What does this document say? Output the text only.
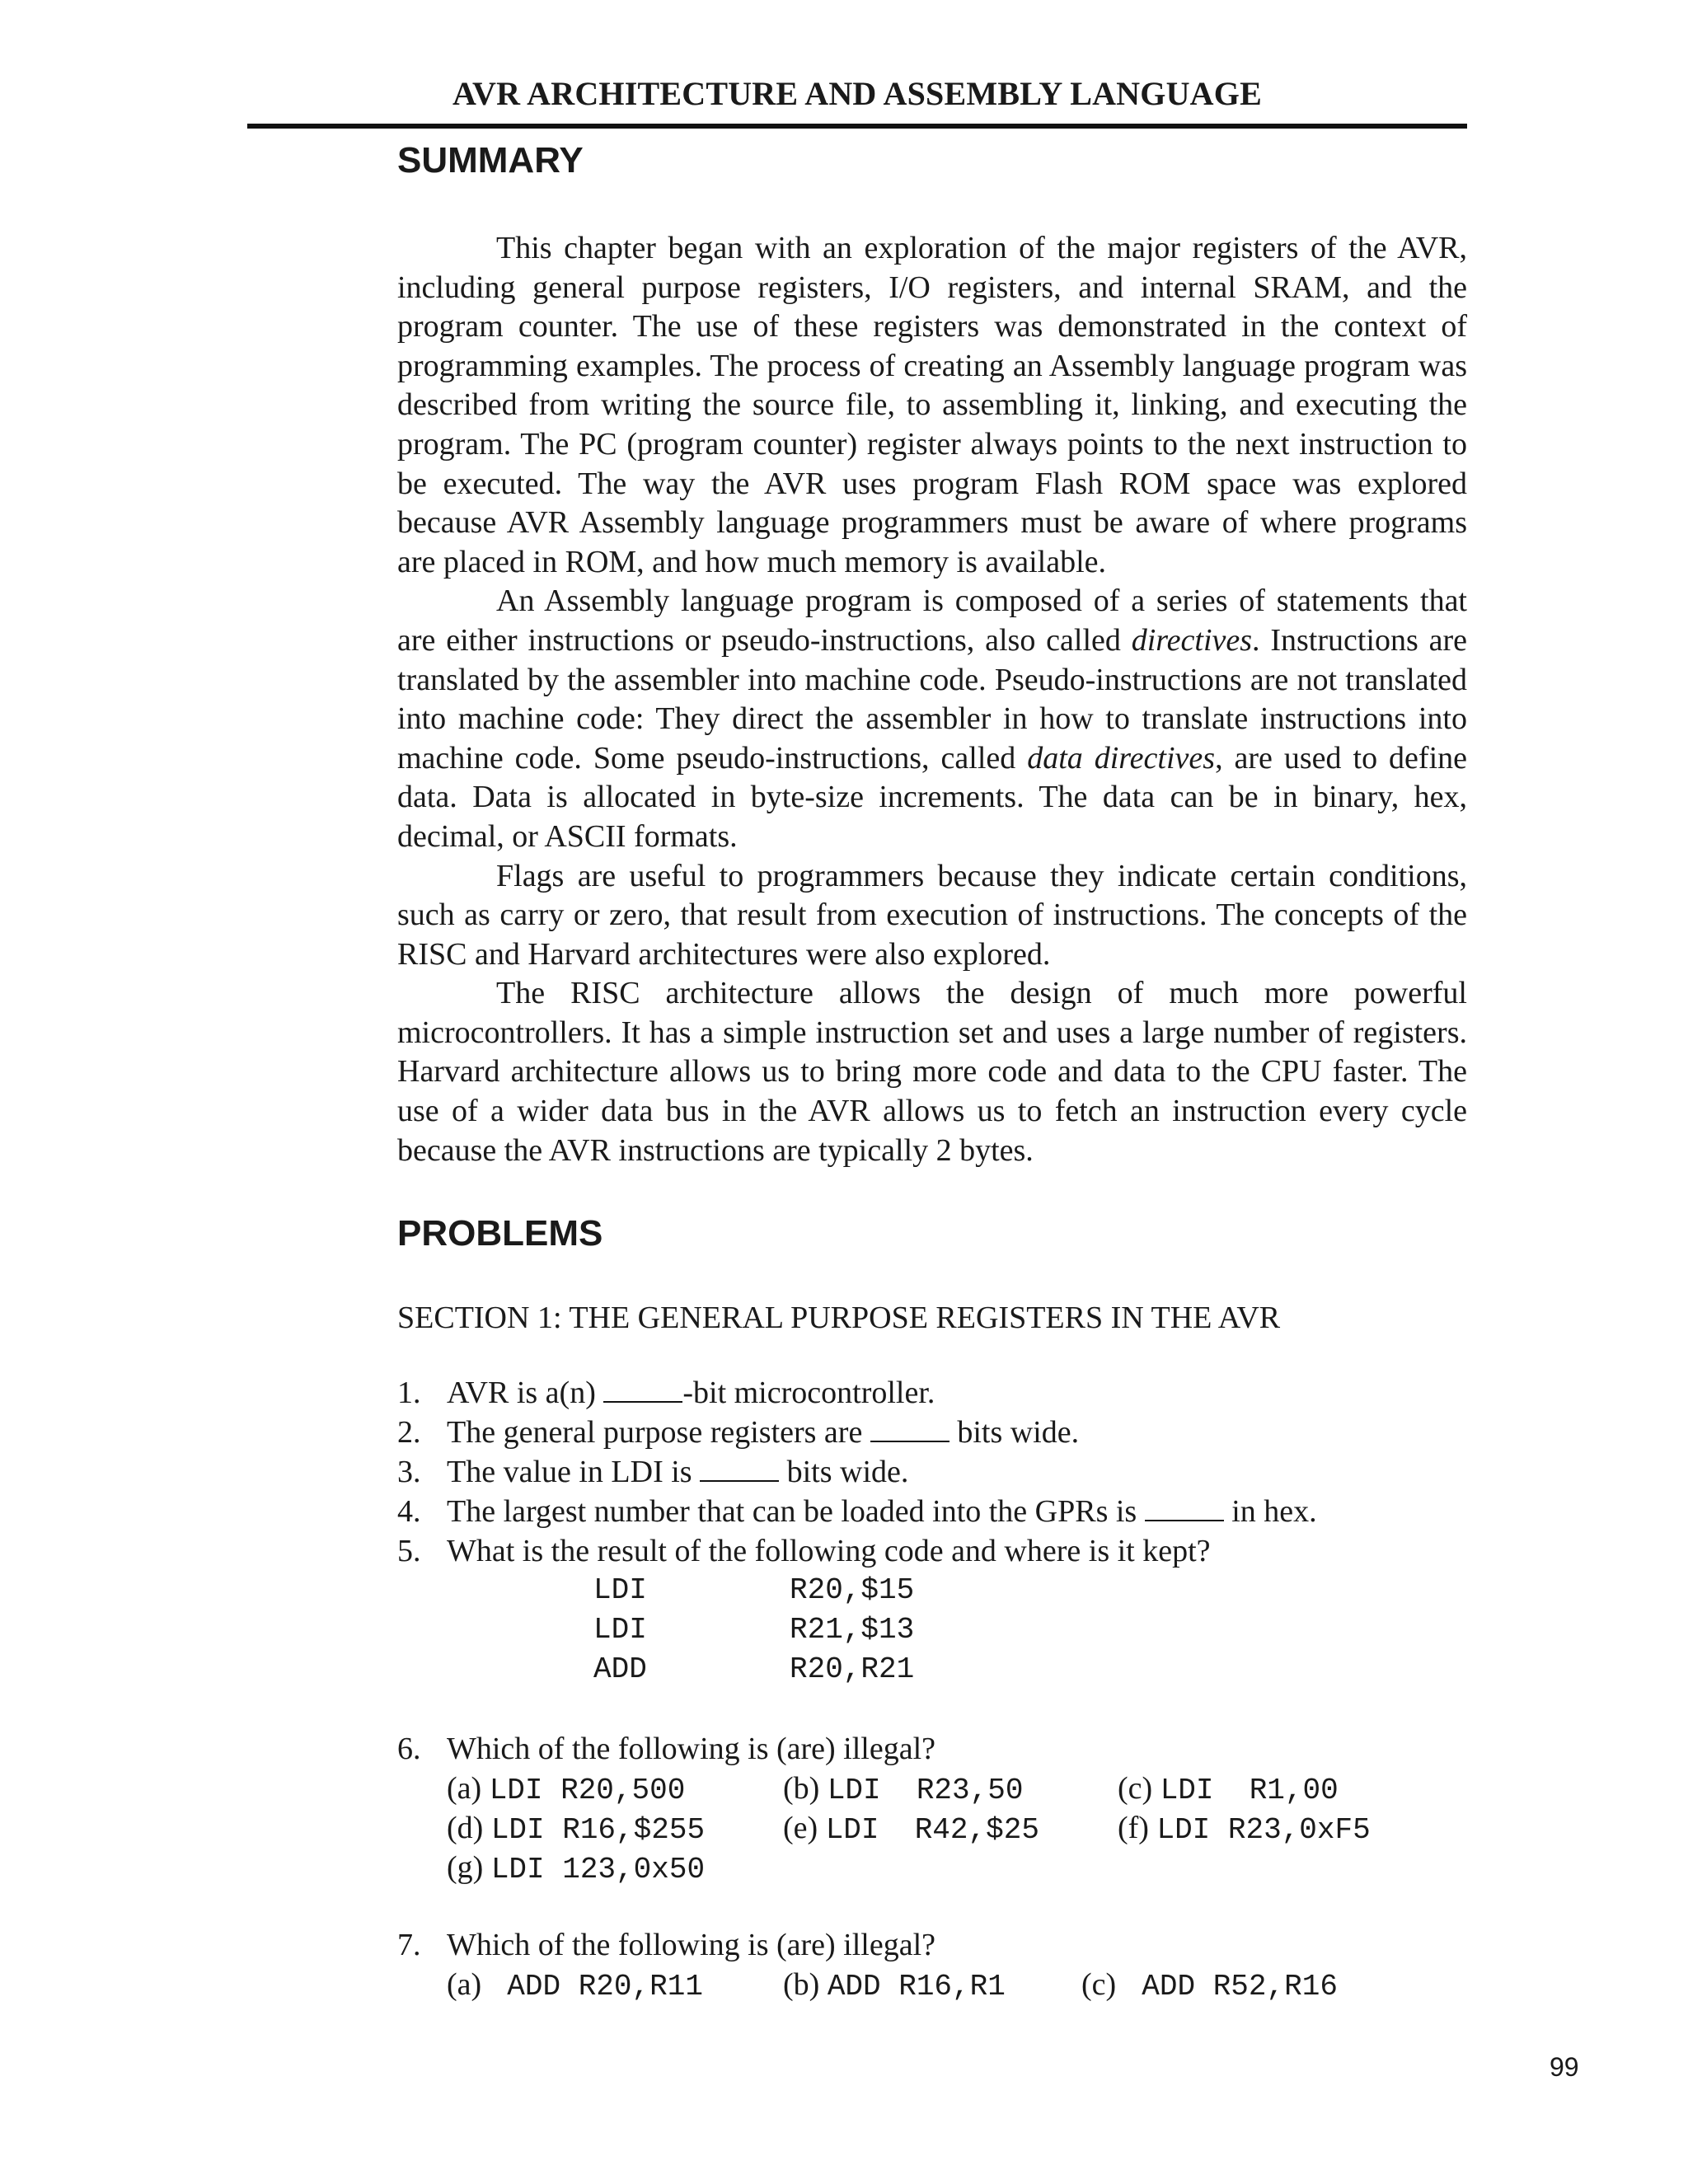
AVR ARCHITECTURE AND ASSEMBLY LANGUAGE
SUMMARY

This chapter began with an exploration of the major registers of the AVR, including general purpose registers, I/O registers, and internal SRAM, and the program counter. The use of these registers was demonstrated in the context of programming examples. The process of creating an Assembly language program was described from writing the source file, to assembling it, linking, and executing the program. The PC (program counter) register always points to the next instruction to be executed. The way the AVR uses program Flash ROM space was explored because AVR Assembly language programmers must be aware of where programs are placed in ROM, and how much memory is available.

An Assembly language program is composed of a series of statements that are either instructions or pseudo-instructions, also called directives. Instructions are translated by the assembler into machine code. Pseudo-instructions are not translated into machine code: They direct the assembler in how to translate instructions into machine code. Some pseudo-instructions, called data directives, are used to define data. Data is allocated in byte-size increments. The data can be in binary, hex, decimal, or ASCII formats.

Flags are useful to programmers because they indicate certain conditions, such as carry or zero, that result from execution of instructions. The concepts of the RISC and Harvard architectures were also explored.

The RISC architecture allows the design of much more powerful microcontrollers. It has a simple instruction set and uses a large number of registers. Harvard architecture allows us to bring more code and data to the CPU faster. The use of a wider data bus in the AVR allows us to fetch an instruction every cycle because the AVR instructions are typically 2 bytes.

PROBLEMS
SECTION 1: THE GENERAL PURPOSE REGISTERS IN THE AVR
1. AVR is a(n)	-bit microcontroller.
2. The general purpose registers are	bits wide.
3. The value in LDI is	bits wide.
4. The largest number that can be loaded into the GPRs is	in hex.
5. What is the result of the following code and where is it kept?
LDI	R20,$15
LDI	R21,$13
ADD	R20,R21
6. Which of the following is (are) illegal?
(a) LDI R20,500	(b) LDI  R23,50	(c) LDI  R1,00
(d) LDI R16,$255 (e) LDI  R42,$25	(f) LDI R23,0xF5
(g) LDI 123,0x50
7. Which of the following is (are) illegal?
(a)  ADD R20,R11	(b) ADD R16,R1 (c)  ADD R52,R16
99
